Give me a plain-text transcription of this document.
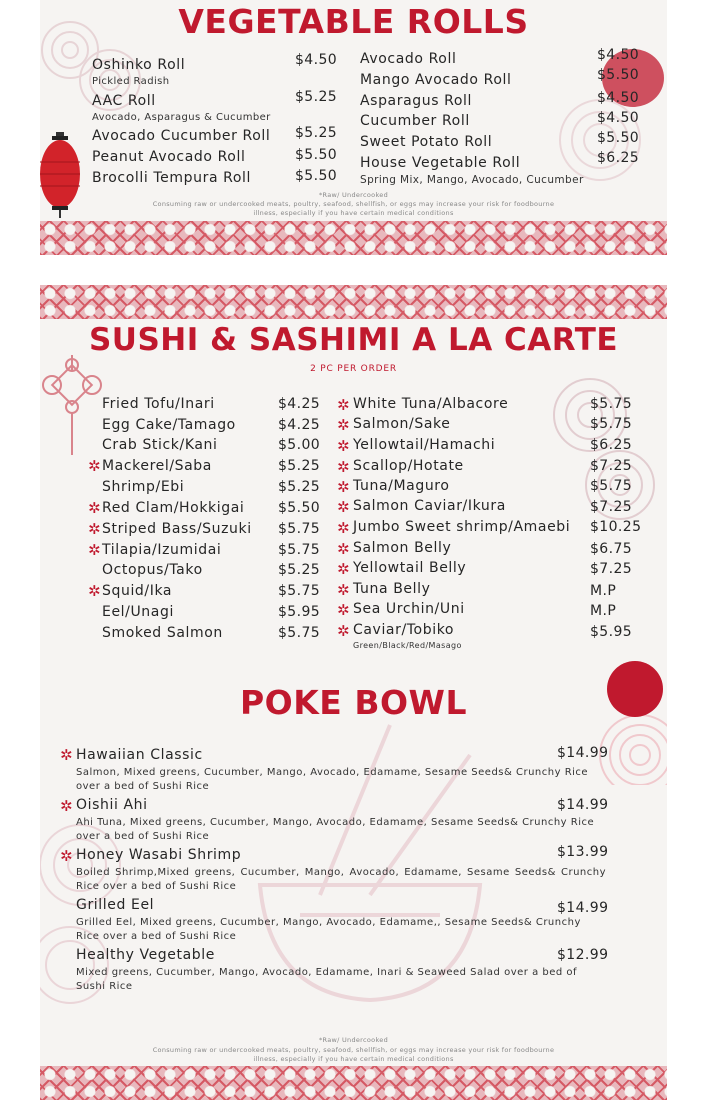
VEGETABLE ROLLS
Oshinko Roll	$4.50
Pickled Radish
AAC Roll	$5.25
Avocado, Asparagus & Cucumber
Avocado Cucumber Roll $5.25
Peanut Avocado Roll	$5.50
Brocolli Tempura Roll	$5.50
Avocado Roll	$4.50
Mango Avocado Roll	$5.50
Asparagus Roll	$4.50
Cucumber Roll	$4.50
Sweet Potato Roll	$5.50
House Vegetable Roll	$6.25
Spring Mix, Mango, Avocado, Cucumber
*Raw/ Undercooked
Consuming raw or undercooked meats, poultry, seafood, shellfish, or eggs may increase your risk for foodbourne
illness, especially if you have certain medical conditions
SUSHI & SASHIMI A LA CARTE
2 PC PER ORDER
Fried Tofu/Inari	$4.25
Egg Cake/Tamago	$4.25
Crab Stick/Kani	$5.00
✲ Mackerel/Saba	$5.25
Shrimp/Ebi	$5.25
✲ Red Clam/Hokkigai $5.50
✲ Striped Bass/Suzuki $5.75
✲ Tilapia/Izumidai	$5.75
Octopus/Tako	$5.25
✲ Squid/Ika	$5.75
Eel/Unagi	$5.95
Smoked Salmon	$5.75
✲ White Tuna/Albacore	$5.75
✲ Salmon/Sake	$5.75
✲ Yellowtail/Hamachi	$6.25
✲ Scallop/Hotate	$7.25
✲ Tuna/Maguro	$5.75
✲ Salmon Caviar/Ikura	$7.25
✲ Jumbo Sweet shrimp/Amaebi $10.25
✲ Salmon Belly	$6.75
✲ Yellowtail Belly	$7.25
✲ Tuna Belly	M.P
✲ Sea Urchin/Uni	M.P
✲ Caviar/Tobiko	$5.95
Green/Black/Red/Masago
POKE BOWL
✲ Hawaiian Classic	$14.99
Salmon, Mixed greens, Cucumber, Mango, Avocado, Edamame, Sesame Seeds& Crunchy Rice over a bed of Sushi Rice
✲ Oishii Ahi	$14.99
Ahi Tuna, Mixed greens, Cucumber, Mango, Avocado, Edamame, Sesame Seeds& Crunchy Rice over a bed of Sushi Rice
✲ Honey Wasabi Shrimp	$13.99
Boiled Shrimp,Mixed greens, Cucumber, Mango, Avocado, Edamame, Sesame Seeds& Crunchy Rice over a bed of Sushi Rice
Grilled Eel	$14.99
Grilled Eel, Mixed greens, Cucumber, Mango, Avocado, Edamame,, Sesame Seeds& Crunchy Rice over a bed of Sushi Rice
Healthy Vegetable	$12.99
Mixed greens, Cucumber, Mango, Avocado, Edamame, Inari & Seaweed Salad over a bed of Sushi Rice
*Raw/ Undercooked
Consuming raw or undercooked meats, poultry, seafood, shellfish, or eggs may increase your risk for foodbourne
illness, especially if you have certain medical conditions
